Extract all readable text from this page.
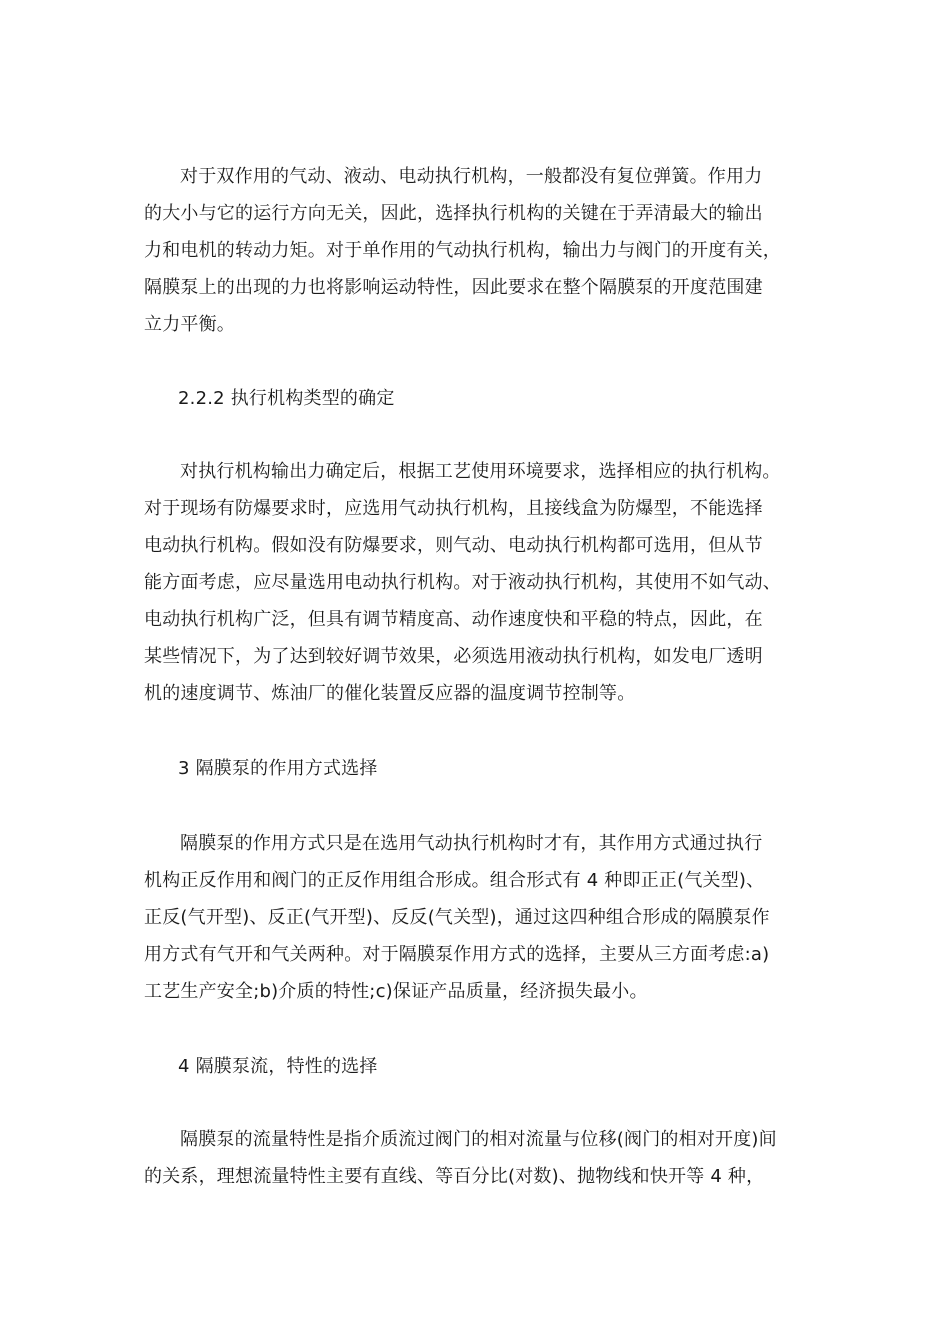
对于双作用的气动、液动、电动执行机构，一般都没有复位弹簧。作用力
的大小与它的运行方向无关，因此，选择执行机构的关键在于弄清最大的输出
力和电机的转动力矩。对于单作用的气动执行机构，输出力与阀门的开度有关，
隔膜泵上的出现的力也将影响运动特性，因此要求在整个隔膜泵的开度范围建
立力平衡。

2.2.2 执行机构类型的确定

对执行机构输出力确定后，根据工艺使用环境要求，选择相应的执行机构。
对于现场有防爆要求时，应选用气动执行机构，且接线盒为防爆型，不能选择
电动执行机构。假如没有防爆要求，则气动、电动执行机构都可选用，但从节
能方面考虑，应尽量选用电动执行机构。对于液动执行机构，其使用不如气动、
电动执行机构广泛，但具有调节精度高、动作速度快和平稳的特点，因此，在
某些情况下，为了达到较好调节效果，必须选用液动执行机构，如发电厂透明
机的速度调节、炼油厂的催化装置反应器的温度调节控制等。

3 隔膜泵的作用方式选择

隔膜泵的作用方式只是在选用气动执行机构时才有，其作用方式通过执行
机构正反作用和阀门的正反作用组合形成。组合形式有 4 种即正正(气关型)、
正反(气开型)、反正(气开型)、反反(气关型)，通过这四种组合形成的隔膜泵作
用方式有气开和气关两种。对于隔膜泵作用方式的选择，主要从三方面考虑:a)
工艺生产安全;b)介质的特性;c)保证产品质量，经济损失最小。

4 隔膜泵流，特性的选择

隔膜泵的流量特性是指介质流过阀门的相对流量与位移(阀门的相对开度)间
的关系，理想流量特性主要有直线、等百分比(对数)、抛物线和快开等 4 种，
